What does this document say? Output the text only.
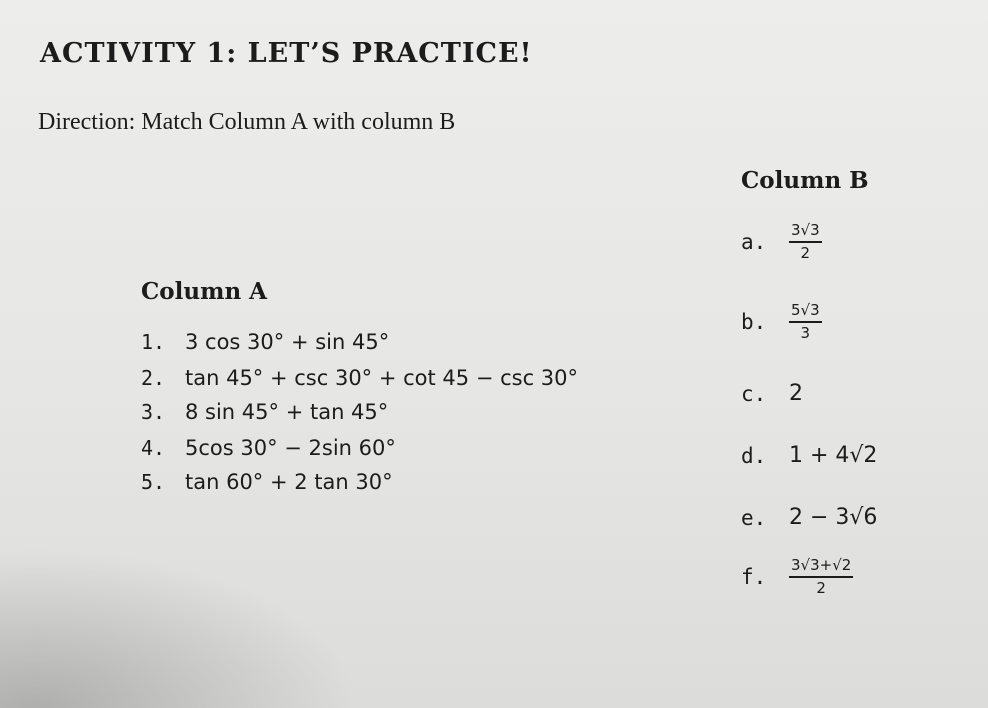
ACTIVITY 1: LET’S PRACTICE!
Direction: Match Column A with column B
Column B
Column A
1. 3 cos 30° + sin 45°
2. tan 45° + csc 30° + cot 45 − csc 30°
3. 8 sin 45° + tan 45°
4. 5cos 30° − 2sin 60°
5. tan 60° + 2 tan 30°
a.	$\frac{3√3}{2}$
b.	$\frac{5√3}{3}$
c.	2
d.	1 + 4√2
e.	2 − 3√6
f.	$\frac{3√3+√2}{2}$
